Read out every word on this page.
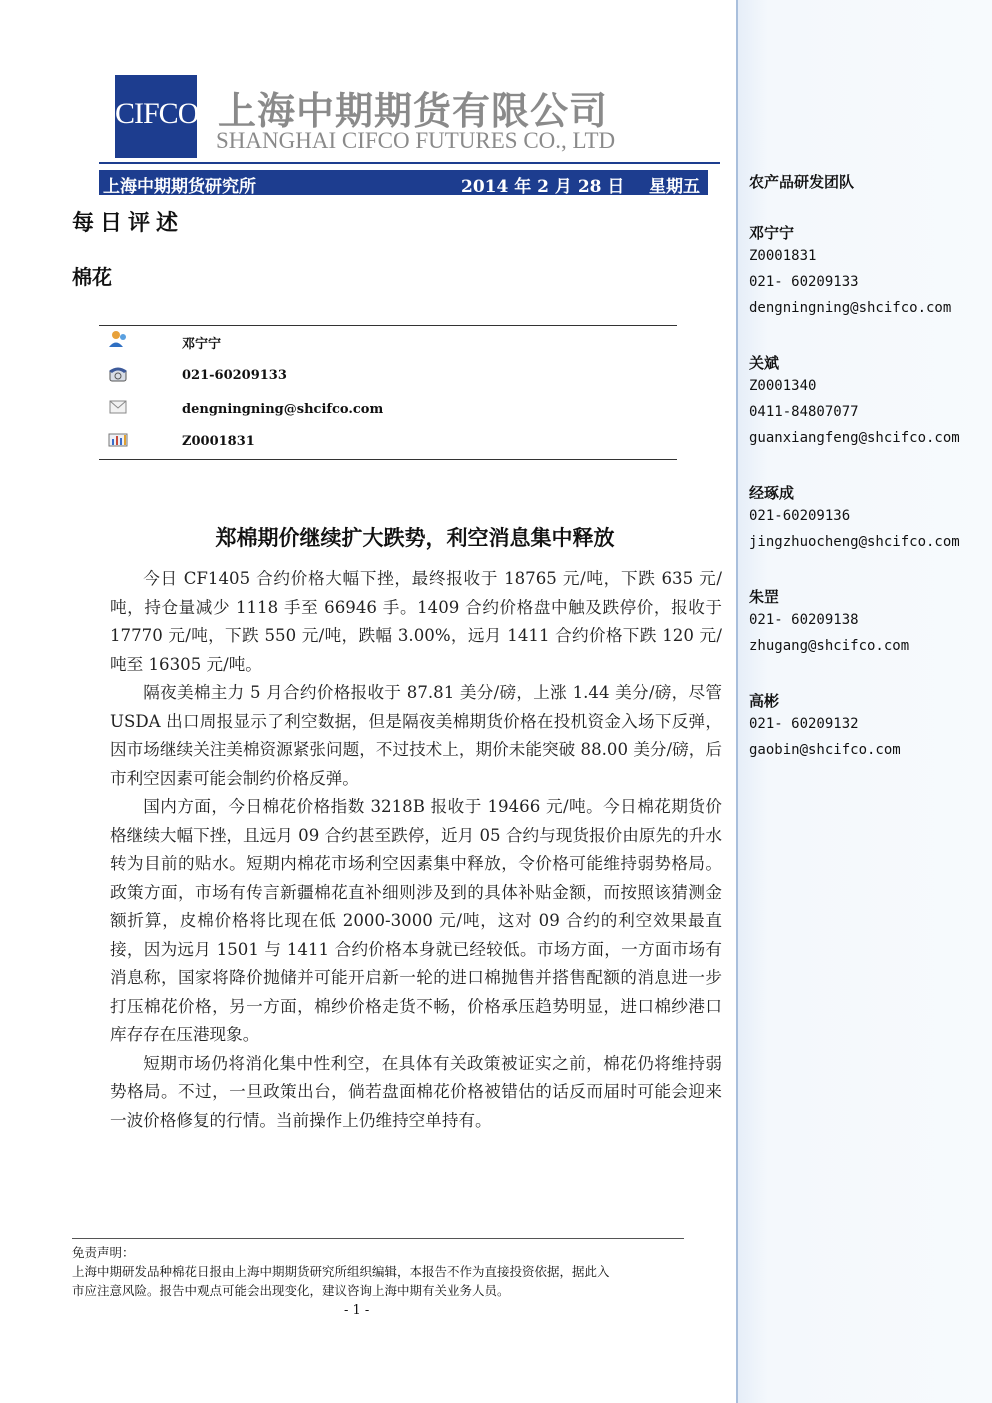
农产品研发团队
邓宁宁
Z0001831
021- 60209133
dengningning@shcifco.com
关斌
Z0001340
0411-84807077
guanxiangfeng@shcifco.com
经琢成
021-60209136
jingzhuocheng@shcifco.com
朱罡
021- 60209138
zhugang@shcifco.com
高彬
021- 60209132
gaobin@shcifco.com
CIFCO 上海中期期货有限公司
SHANGHAI CIFCO FUTURES CO., LTD
上海中期期货研究所	2014 年 2 月 28 日 星期五
每日评述
棉花
邓宁宁
021-60209133
dengningning@shcifco.com
Z0001831
郑棉期价继续扩大跌势，利空消息集中释放

今日 CF1405 合约价格大幅下挫，最终报收于 18765 元/吨，下跌 635 元/吨，持仓量减少 1118 手至 66946 手。1409 合约价格盘中触及跌停价，报收于 17770 元/吨，下跌 550 元/吨，跌幅 3.00%，远月 1411 合约价格下跌 120 元/吨至 16305 元/吨。

隔夜美棉主力 5 月合约价格报收于 87.81 美分/磅，上涨 1.44 美分/磅，尽管 USDA 出口周报显示了利空数据，但是隔夜美棉期货价格在投机资金入场下反弹，因市场继续关注美棉资源紧张问题，不过技术上，期价未能突破 88.00 美分/磅，后市利空因素可能会制约价格反弹。

国内方面，今日棉花价格指数 3218B 报收于 19466 元/吨。今日棉花期货价格继续大幅下挫，且远月 09 合约甚至跌停，近月 05 合约与现货报价由原先的升水转为目前的贴水。短期内棉花市场利空因素集中释放，令价格可能维持弱势格局。政策方面，市场有传言新疆棉花直补细则涉及到的具体补贴金额，而按照该猜测金额折算，皮棉价格将比现在低 2000-3000 元/吨，这对 09 合约的利空效果最直接，因为远月 1501 与 1411 合约价格本身就已经较低。市场方面，一方面市场有消息称，国家将降价抛储并可能开启新一轮的进口棉抛售并搭售配额的消息进一步打压棉花价格，另一方面，棉纱价格走货不畅，价格承压趋势明显，进口棉纱港口库存存在压港现象。

短期市场仍将消化集中性利空，在具体有关政策被证实之前，棉花仍将维持弱势格局。不过，一旦政策出台，倘若盘面棉花价格被错估的话反而届时可能会迎来一波价格修复的行情。当前操作上仍维持空单持有。

免责声明：
上海中期研发品种棉花日报由上海中期期货研究所组织编辑，本报告不作为直接投资依据，据此入
市应注意风险。报告中观点可能会出现变化，建议咨询上海中期有关业务人员。
- 1 -
